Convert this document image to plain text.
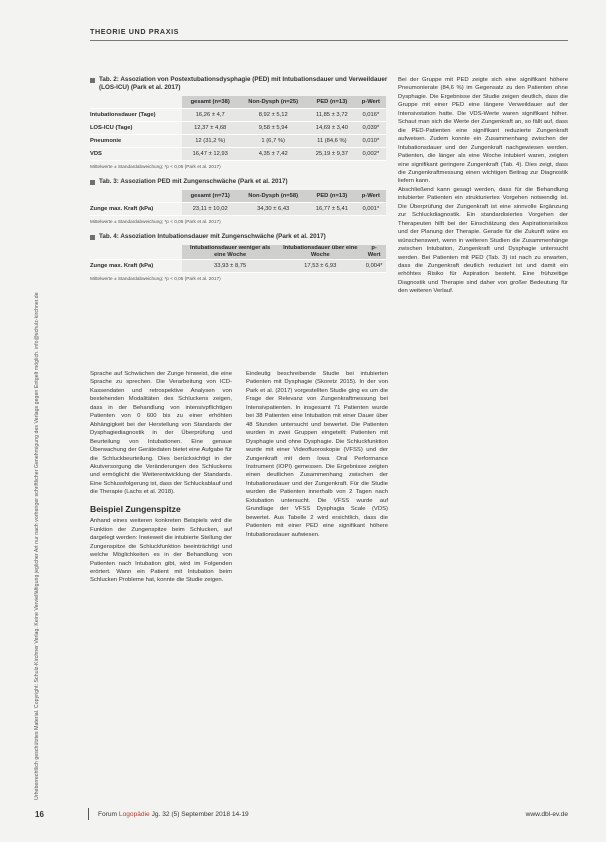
Urheberrechtlich geschütztes Material. Copyright: Schulz-Kirchner Verlag. Keine Vervielfältigung jeglicher Art nur nach vorheriger schriftlicher Genehmigung des Verlags gegen Entgelt möglich. info@schulz-kirchner.de
THEORIE UND PRAXIS
Tab. 2: Assoziation von Postextubationsdysphagie (PED) mit Intubationsdauer und Verweildauer (LOS-ICU) (Park et al. 2017)
	gesamt (n=38)	Non-Dysph (n=25)	PED (n=13)	p-Wert
Intubationsdauer (Tage)	16,26 ± 4,7	8,92 ± 5,12	11,85 ± 3,72	0,016*
LOS-ICU (Tage)	12,37 ± 4,68	9,58 ± 5,94	14,69 ± 3,40	0,039*
Pneumonie	12 (31,2 %)	1 (6,7 %)	11 (84,6 %)	0,010*
VDS	16,47 ± 12,93	4,35 ± 7,42	25,19 ± 9,37	0,002*
Mittelwerte ± Standardabweichung; *p < 0,05 (Park et al. 2017)
Tab. 3: Assoziation PED mit Zungenschwäche (Park et al. 2017)
	gesamt (n=71)	Non-Dysph (n=58)	PED (n=13)	p-Wert
Zunge max. Kraft (kPa)	23,11 ± 10,02	34,30 ± 6,43	16,77 ± 5,41	0,001*
Mittelwerte ± Standardabweichung; *p < 0,05 (Park et al. 2017)
Tab. 4: Assoziation Intubationsdauer mit Zungenschwäche (Park et al. 2017)
	Intubationsdauer weniger als eine Woche	Intubationsdauer über eine Woche	p-Wert
Zunge max. Kraft (kPa)	33,93 ± 8,75	17,53 ± 6,93	0,004*
Mittelwerte ± Standardabweichung; *p < 0,05 (Park et al. 2017)

Sprache auf Schwächen der Zunge hinweist, die eine Sprache zu sprechen. Die Verarbeitung von ICD-Kassendaten und retrospektive Analysen von bestehenden Modalitäten des Schluckens zeigen, dass in der Behandlung von intensivpflichtigen Patienten von 0 600 bis zu einer erhöhten Abhängigkeit bei der Herstellung von Standards der Dysphagiediagnostik in der Überprüfung und Beurteilung von Intubationen. Eine genaue Überwachung der Gerätedaten bietet eine Aufgabe für die Schluckbeurteilung. Dies berücksichtigt in der Akutversorgung die Veränderungen des Schluckens und ermöglicht die Weiterentwicklung der Standards. Eine Schlussfolgerung ist, dass der Schluckablauf und die Therapie (Lachs et al. 2018).

Beispiel Zungenspitze

Anhand eines weiteren konkreten Beispiels wird die Funktion der Zungenspitze beim Schlucken, auf dargelegt werden: Inwieweit die intubierte Stellung der Zungenspitze die Schluckfunktion beeinträchtigt und welche Möglichkeiten es in der Behandlung von Patienten nach Intubation gibt, wird im Folgenden erörtert. Wann ein Patient mit Intubation beim Schlucken Probleme hat, konnte die Studie zeigen.

Eindeutig beschreibende Studie bei intubierten Patienten mit Dysphagie (Skoretz 2015). In der von Park et al. (2017) vorgestellten Studie ging es um die Frage der Relevanz von Zungenkraftmessung bei Intensivpatienten. In insgesamt 71 Patienten wurde bei 38 Patienten eine Intubation mit einer Dauer über 48 Stunden untersucht und bewertet. Die Patienten wurden in zwei Gruppen eingeteilt: Patienten mit Dysphagie und ohne Dysphagie. Die Schluckfunktion wurde mit einer Videofluoroskopie (VFSS) und der Zungenkraft mit dem Iowa Oral Performance Instrument (IOPI) gemessen. Die Ergebnisse zeigten einen deutlichen Zusammenhang zwischen der Intubationsdauer und der Zungenkraft. Für die Studie wurden die Patienten innerhalb von 2 Tagen nach Extubation untersucht. Die VFSS wurde auf Grundlage der VFSS Dysphagia Scale (VDS) bewertet. Aus Tabelle 2 wird ersichtlich, dass die Patienten mit einer PED eine signifikant höhere Intubationsdauer aufwiesen.

Bei der Gruppe mit PED zeigte sich eine signifikant höhere Pneumonierate (84,6 %) im Gegensatz zu den Patienten ohne Dysphagie. Die Ergebnisse der Studie zeigen deutlich, dass die Gruppe mit einer PED eine längere Verweildauer auf der Intensivstation hatte. Die VDS-Werte waren signifikant höher. Schaut man sich die Werte der Zungenkraft an, so fällt auf, dass die PED-Patienten eine signifikant reduzierte Zungenkraft aufweisen. Zudem konnte ein Zusammenhang zwischen der Intubationsdauer und der Zungenkraft nachgewiesen werden. Patienten, die länger als eine Woche intubiert waren, zeigten eine signifikant geringere Zungenkraft (Tab. 4). Dies zeigt, dass die Zungenkraftmessung einen wichtigen Beitrag zur Diagnostik liefern kann.

Abschließend kann gesagt werden, dass für die Behandlung intubierter Patienten ein strukturiertes Vorgehen notwendig ist. Die Überprüfung der Zungenkraft ist eine sinnvolle Ergänzung zur Schluckdiagnostik. Ein standardisiertes Vorgehen der Therapeuten hilft bei der Einschätzung des Aspirationsrisikos und der Planung der Therapie. Gerade für die Zukunft wäre es wünschenswert, wenn in weiteren Studien die Zusammenhänge zwischen Intubation, Zungenkraft und Dysphagie untersucht werden. Bei Patienten mit PED (Tab. 3) ist nach zu erwarten, dass die Zungenkraft deutlich reduziert ist und damit ein erhöhtes Risiko für Aspiration besteht. Eine frühzeitige Diagnostik und Therapie sind daher von großer Bedeutung für den weiteren Verlauf.

16	Forum Logopädie Jg. 32 (5) September 2018 14-19	www.dbl-ev.de
